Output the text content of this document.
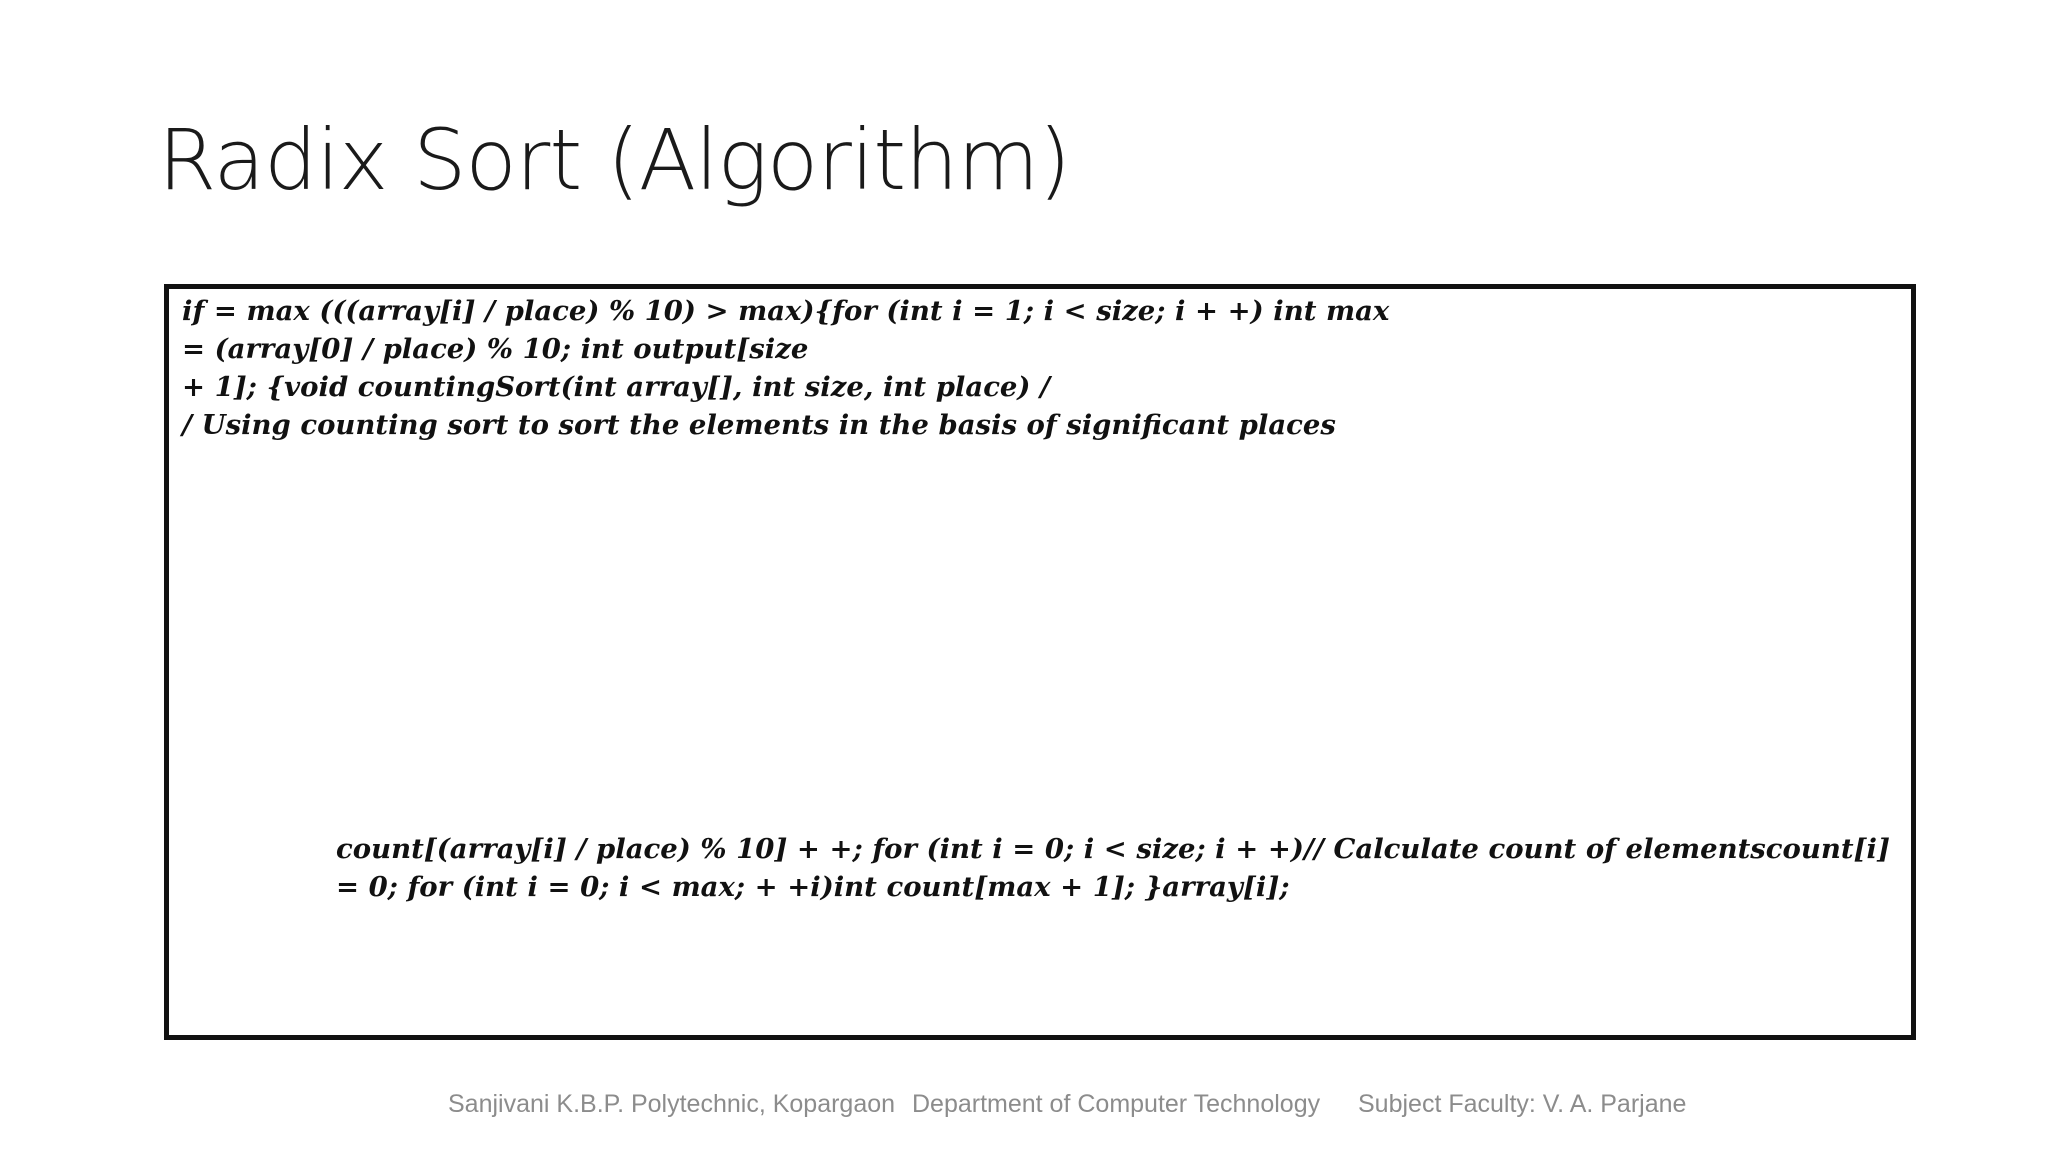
Radix Sort (Algorithm)
if = max (((array[i] / place) % 10) > max){for (int i = 1; i < size; i + +) int max
= (array[0] / place) % 10; int output[size
+ 1]; {void countingSort(int array[], int size, int place) /
/ Using counting sort to sort the elements in the basis of significant places
count[(array[i] / place) % 10] + +; for (int i = 0; i < size; i + +)// Calculate count of elementscount[i]
= 0; for (int i = 0; i < max; + +i)int count[max + 1]; }array[i];
Sanjivani K.B.P. Polytechnic, Kopargaon Department of Computer Technology Subject Faculty: V. A. Parjane
